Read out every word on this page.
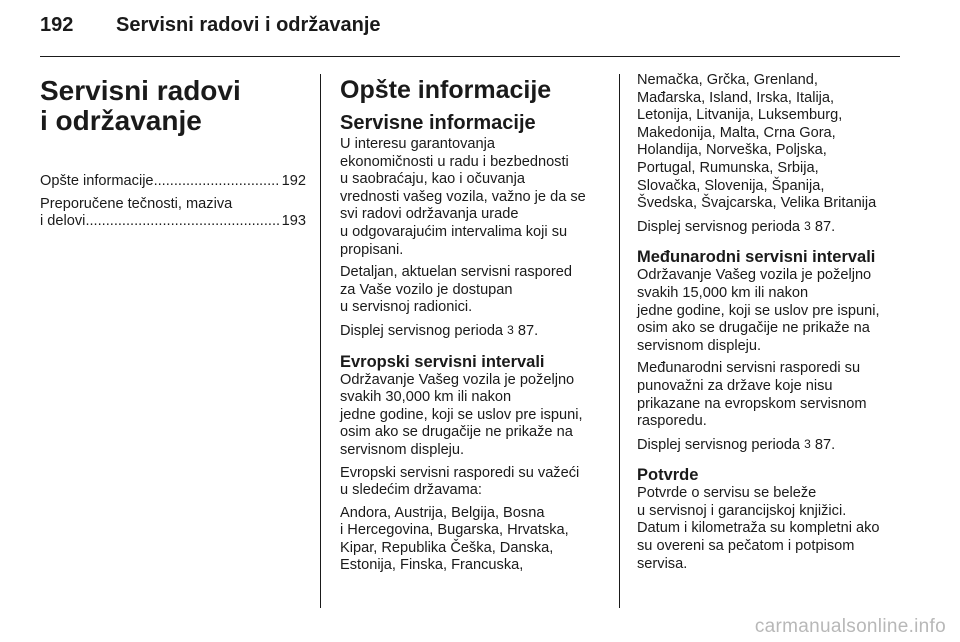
192 Servisni radovi i održavanje
Servisni radovi
i održavanje
Opšte informacije .....	192
Preporučene tečnosti, maziva
i delovi .....	193
Opšte informacije
Servisne informacije

U interesu garantovanja
ekonomičnosti u radu i bezbednosti
u saobraćaju, kao i očuvanja
vrednosti vašeg vozila, važno je da se
svi radovi održavanja urade
u odgovarajućim intervalima koji su
propisani.

Detaljan, aktuelan servisni raspored
za Vaše vozilo je dostupan
u servisnoj radionici.

Displej servisnog perioda 3 87.

Evropski servisni intervali

Održavanje Vašeg vozila je poželjno
svakih 30,000 km ili nakon
jedne godine, koji se uslov pre ispuni,
osim ako se drugačije ne prikaže na
servisnom displeju.

Evropski servisni rasporedi su važeći
u sledećim državama:

Andora, Austrija, Belgija, Bosna
i Hercegovina, Bugarska, Hrvatska,
Kipar, Republika Češka, Danska,
Estonija, Finska, Francuska,

Nemačka, Grčka, Grenland,
Mađarska, Island, Irska, Italija,
Letonija, Litvanija, Luksemburg,
Makedonija, Malta, Crna Gora,
Holandija, Norveška, Poljska,
Portugal, Rumunska, Srbija,
Slovačka, Slovenija, Španija,
Švedska, Švajcarska, Velika Britanija

Displej servisnog perioda 3 87.

Međunarodni servisni intervali

Održavanje Vašeg vozila je poželjno
svakih 15,000 km ili nakon
jedne godine, koji se uslov pre ispuni,
osim ako se drugačije ne prikaže na
servisnom displeju.

Međunarodni servisni rasporedi su
punovažni za države koje nisu
prikazane na evropskom servisnom
rasporedu.

Displej servisnog perioda 3 87.

Potvrde

Potvrde o servisu se beleže
u servisnoj i garancijskoj knjižici.
Datum i kilometraža su kompletni ako
su overeni sa pečatom i potpisom
servisa.

carmanualsonline.info
